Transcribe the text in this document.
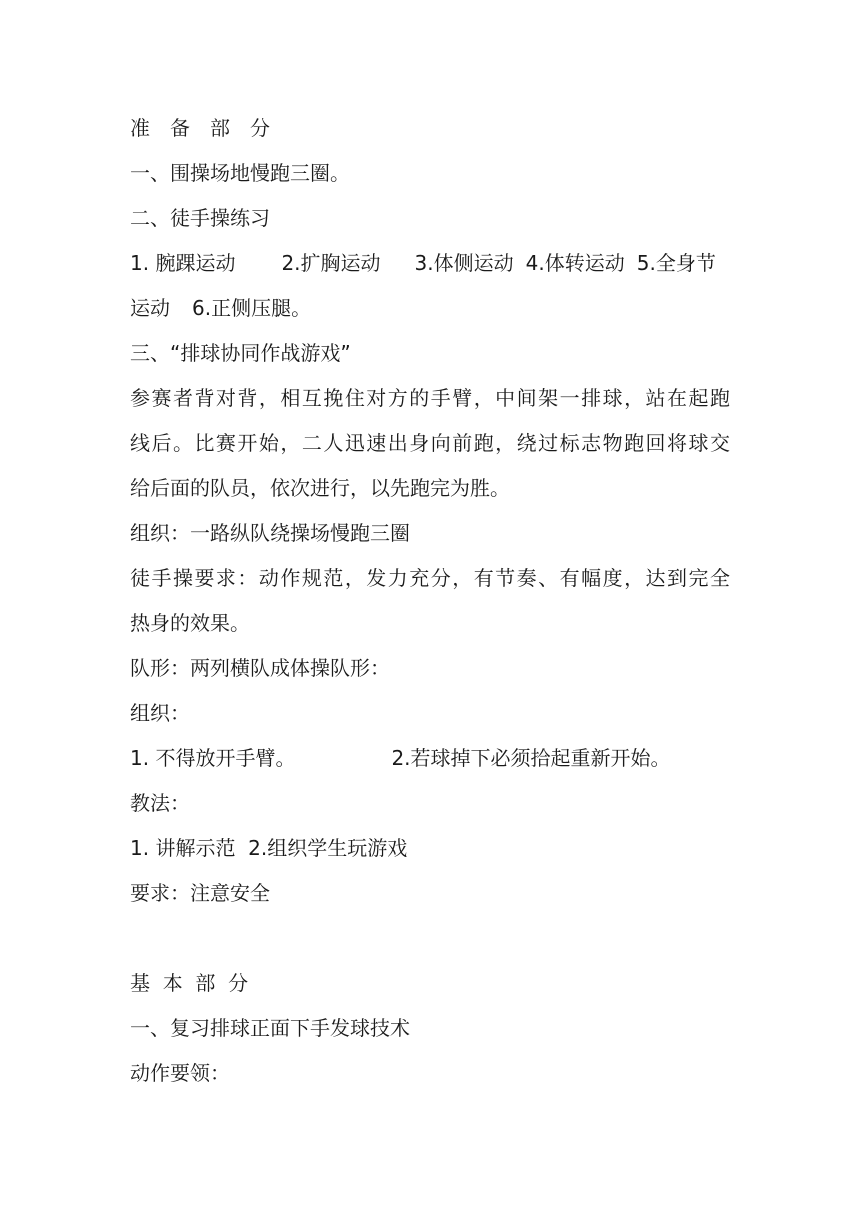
准　备　部　分
一、围操场地慢跑三圈。
二、徒手操练习
1. 腕踝运动 2.扩胸运动 3.体侧运动 4.体转运动 5.全身节
运动 6.正侧压腿。
三、“排球协同作战游戏”
参赛者背对背，相互挽住对方的手臂，中间架一排球，站在起跑
线后。比赛开始，二人迅速出身向前跑，绕过标志物跑回将球交
给后面的队员，依次进行，以先跑完为胜。
组织：一路纵队绕操场慢跑三圈
徒手操要求：动作规范，发力充分，有节奏、有幅度，达到完全
热身的效果。
队形：两列横队成体操队形：
组织：
1. 不得放开手臂。	2.若球掉下必须拾起重新开始。
教法：
1. 讲解示范  2.组织学生玩游戏
要求：注意安全
基  本  部  分
一、复习排球正面下手发球技术
动作要领：
